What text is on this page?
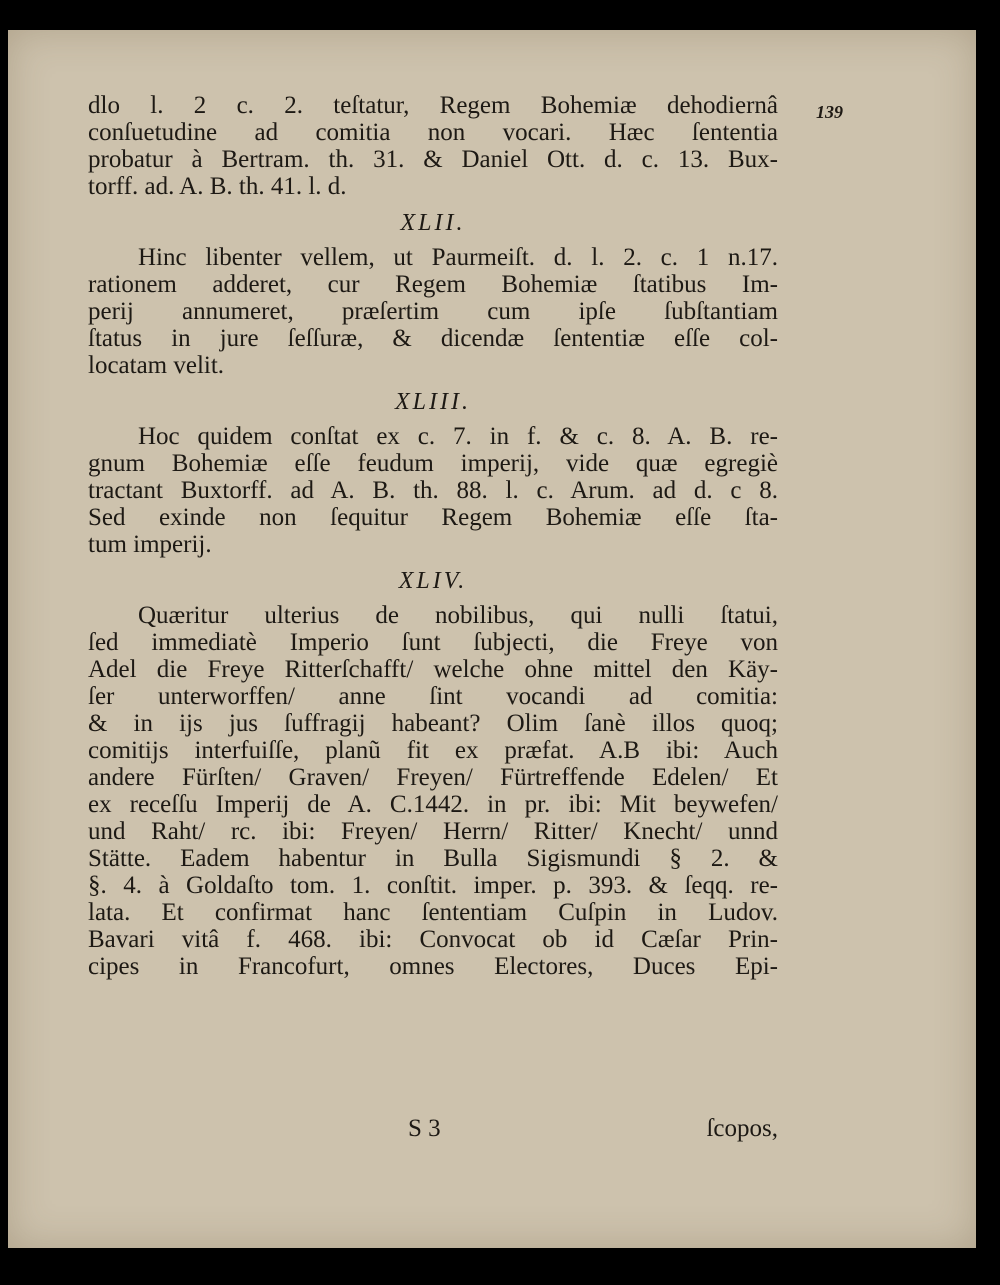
139
dlo l. 2 c. 2. teſtatur, Regem Bohemiæ dehodiernâ
conſuetudine ad comitia non vocari. Hæc ſententia
probatur à Bertram. th. 31. & Daniel Ott. d. c. 13. Bux-
torff. ad. A. B. th. 41. l. d.
XLII.
Hinc libenter vellem, ut Paurmeiſt. d. l. 2. c. 1 n.17.
rationem adderet, cur Regem Bohemiæ ſtatibus Im-
perij annumeret, præſertim cum ipſe ſubſtantiam
ſtatus in jure ſeſſuræ, & dicendæ ſententiæ eſſe col-
locatam velit.
XLIII.
Hoc quidem conſtat ex c. 7. in f. & c. 8. A. B. re-
gnum Bohemiæ eſſe feudum imperij, vide quæ egregiè
tractant Buxtorff. ad A. B. th. 88. l. c. Arum. ad d. c 8.
Sed exinde non ſequitur Regem Bohemiæ eſſe ſta-
tum imperij.
XLIV.
Quæritur ulterius de nobilibus, qui nulli ſtatui,
ſed immediatè Imperio ſunt ſubjecti, die Freye von
Adel die Freye Ritterſchafft/ welche ohne mittel den Käy-
ſer unterworffen/ anne ſint vocandi ad comitia:
& in ijs jus ſuffragij habeant? Olim ſanè illos quoq;
comitijs interfuiſſe, planũ fit ex præfat. A.B ibi: Auch
andere Fürſten/ Graven/ Freyen/ Fürtreffende Edelen/ Et
ex receſſu Imperij de A. C.1442. in pr. ibi: Mit beywefen/
und Raht/ rc. ibi: Freyen/ Herrn/ Ritter/ Knecht/ unnd
Stätte. Eadem habentur in Bulla Sigismundi § 2. &
§. 4. à Goldaſto tom. 1. conſtit. imper. p. 393. & ſeqq. re-
lata. Et confirmat hanc ſententiam Cuſpin in Ludov.
Bavari vitâ f. 468. ibi: Convocat ob id Cæſar Prin-
cipes in Francofurt, omnes Electores, Duces Epi-
S 3	ſcopos,
